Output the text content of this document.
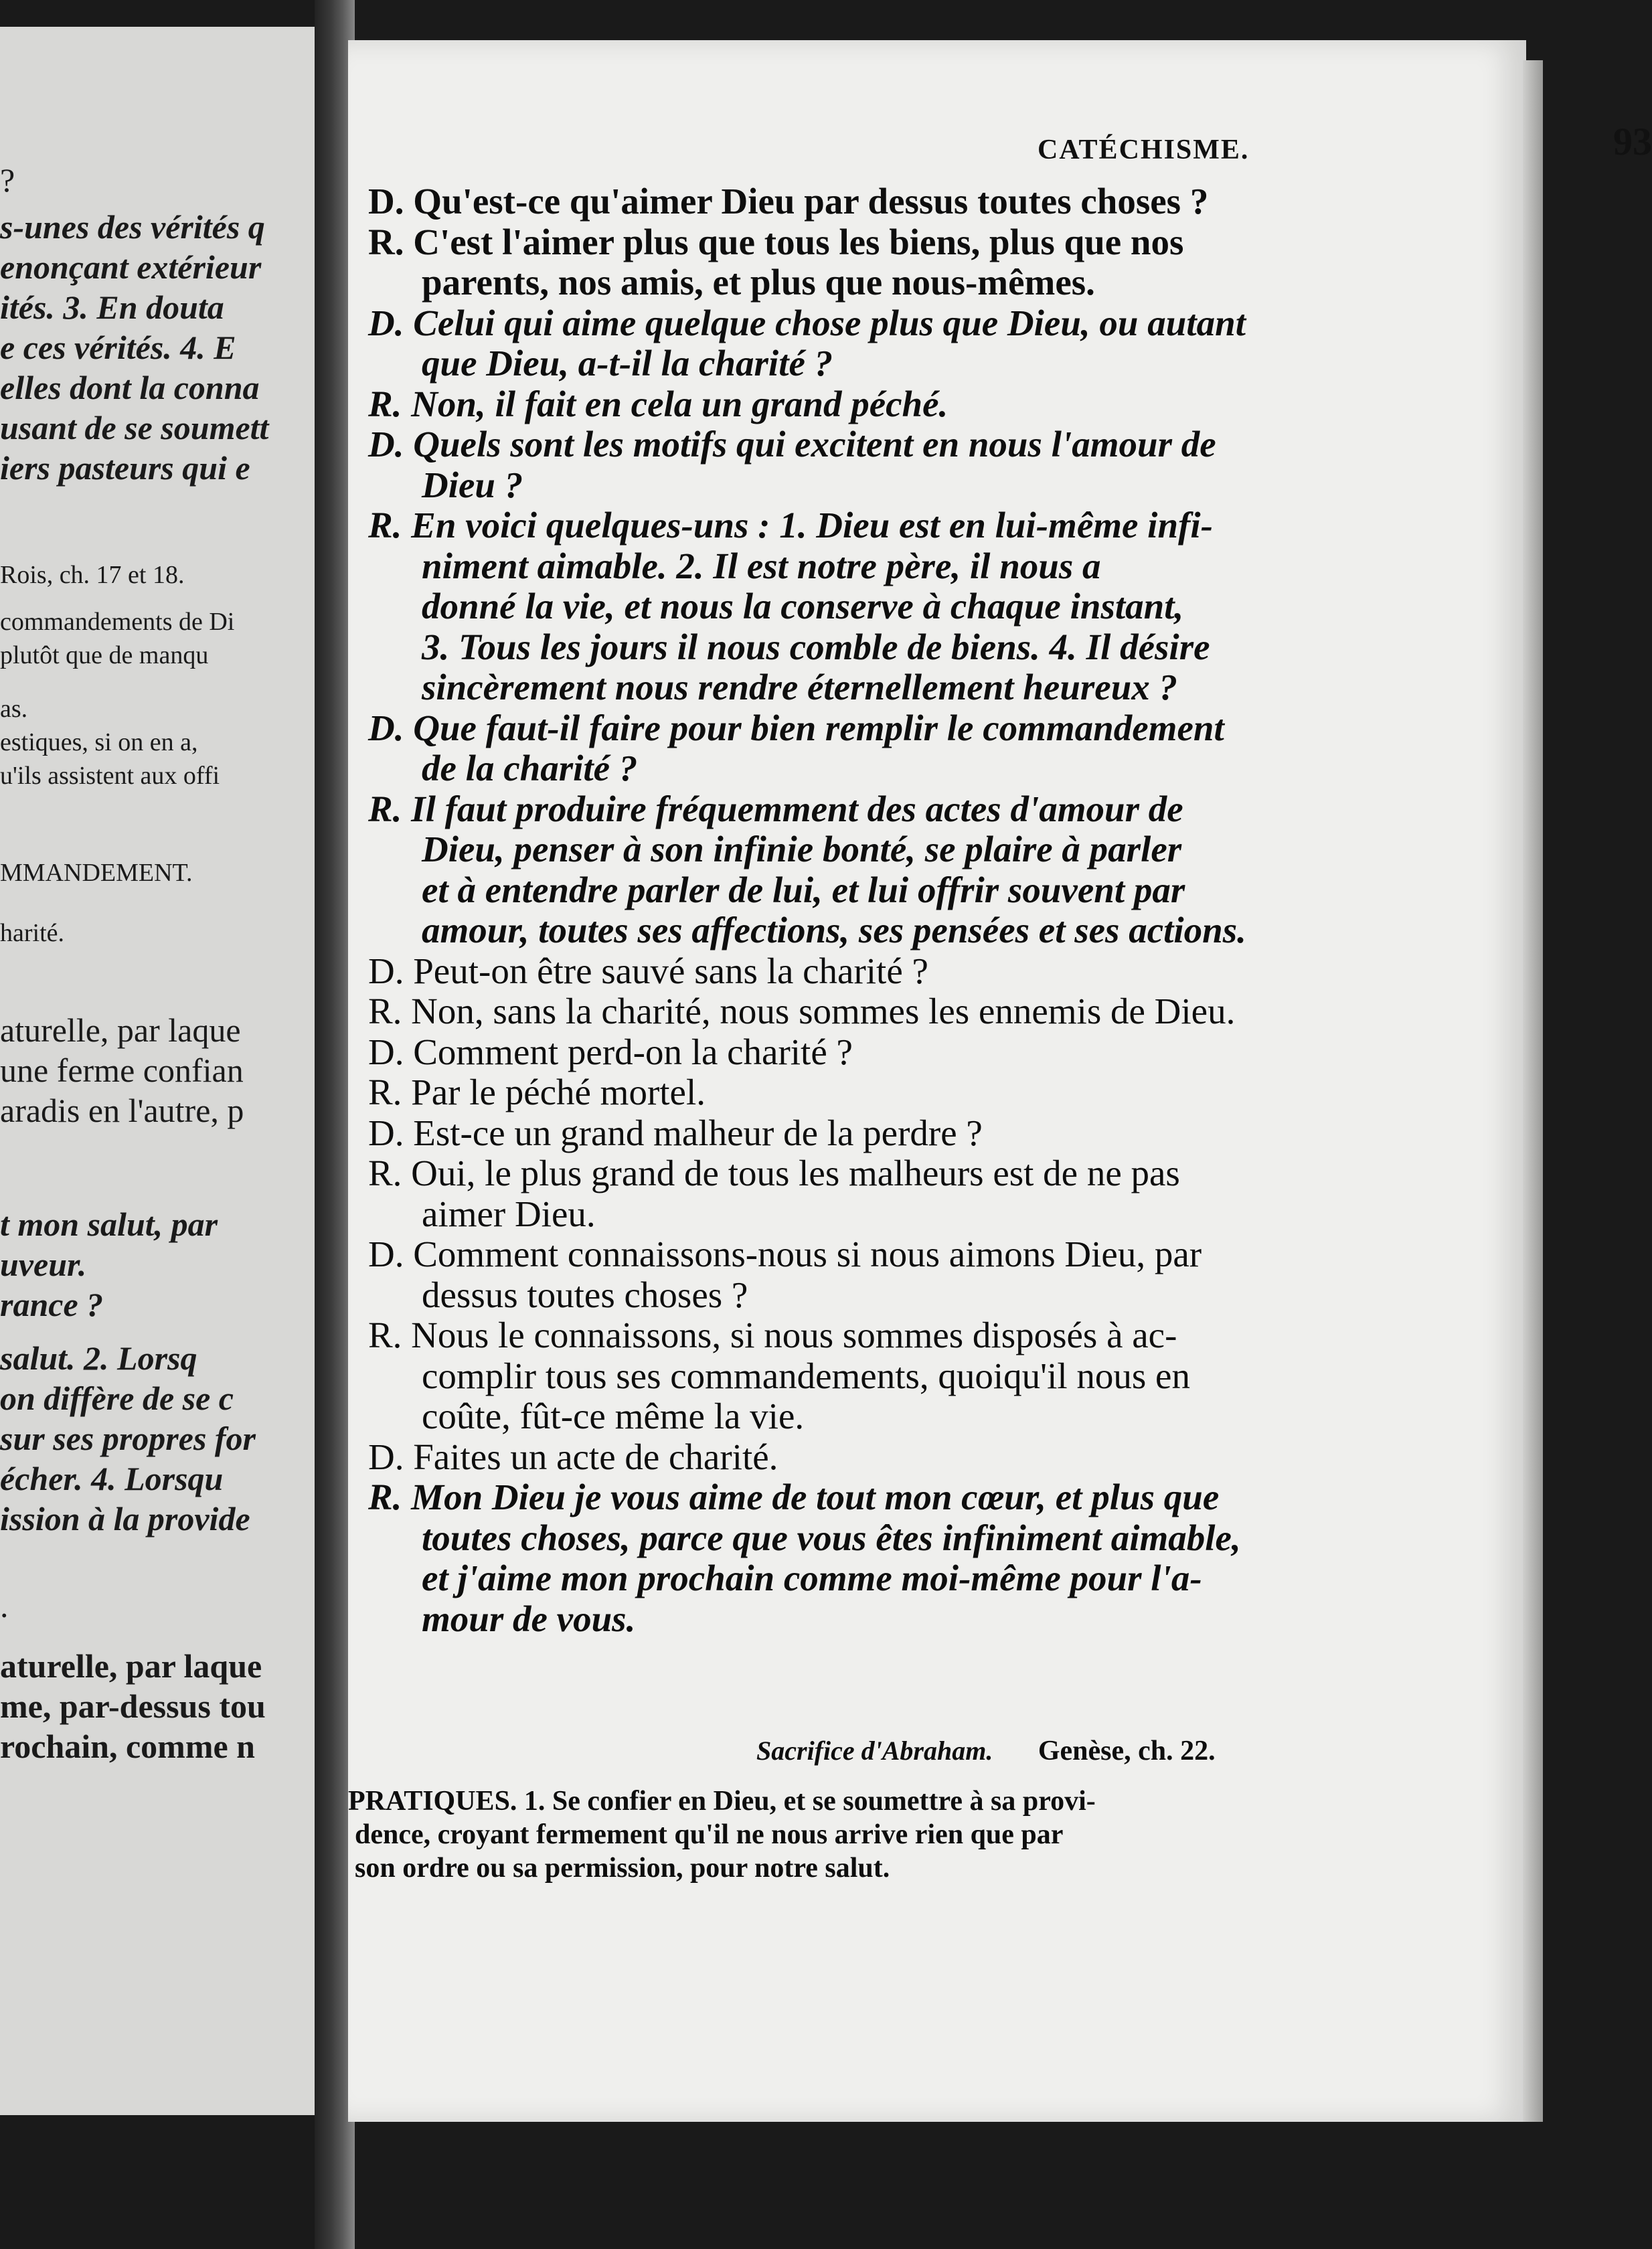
?
s-unes des vérités q
enonçant extérieur
ités. 3. En douta
e ces vérités. 4. E
elles dont la conna
usant de se soumett
iers pasteurs qui e
Rois, ch. 17 et 18.
commandements de Di
plutôt que de manqu
as.
estiques, si on en a,
u'ils assistent aux offi
MMANDEMENT.
harité.
aturelle, par laque
une ferme confian
aradis en l'autre, p
t mon salut, par
uveur.
rance ?
salut. 2. Lorsq
on diffère de se c
sur ses propres for
écher. 4. Lorsqu
ission à la provide
.
aturelle, par laque
me, par-dessus tou
rochain, comme n
CATÉCHISME.	93
D. Qu'est-ce qu'aimer Dieu par dessus toutes choses ?
R. C'est l'aimer plus que tous les biens, plus que nos
parents, nos amis, et plus que nous-mêmes.
D. Celui qui aime quelque chose plus que Dieu, ou autant
que Dieu, a-t-il la charité ?
R. Non, il fait en cela un grand péché.
D. Quels sont les motifs qui excitent en nous l'amour de
Dieu ?
R. En voici quelques-uns : 1. Dieu est en lui-même infi-
niment aimable. 2. Il est notre père, il nous a
donné la vie, et nous la conserve à chaque instant,
3. Tous les jours il nous comble de biens. 4. Il désire
sincèrement nous rendre éternellement heureux ?
D. Que faut-il faire pour bien remplir le commandement
de la charité ?
R. Il faut produire fréquemment des actes d'amour de
Dieu, penser à son infinie bonté, se plaire à parler
et à entendre parler de lui, et lui offrir souvent par
amour, toutes ses affections, ses pensées et ses actions.
D. Peut-on être sauvé sans la charité ?
R. Non, sans la charité, nous sommes les ennemis de Dieu.
D. Comment perd-on la charité ?
R. Par le péché mortel.
D. Est-ce un grand malheur de la perdre ?
R. Oui, le plus grand de tous les malheurs est de ne pas
aimer Dieu.
D. Comment connaissons-nous si nous aimons Dieu, par
dessus toutes choses ?
R. Nous le connaissons, si nous sommes disposés à ac-
complir tous ses commandements, quoiqu'il nous en
coûte, fût-ce même la vie.
D. Faites un acte de charité.
R. Mon Dieu je vous aime de tout mon cœur, et plus que
toutes choses, parce que vous êtes infiniment aimable,
et j'aime mon prochain comme moi-même pour l'a-
mour de vous.
Sacrifice d'Abraham. Genèse, ch. 22.
PRATIQUES. 1. Se confier en Dieu, et se soumettre à sa provi-
dence, croyant fermement qu'il ne nous arrive rien que par
son ordre ou sa permission, pour notre salut.
